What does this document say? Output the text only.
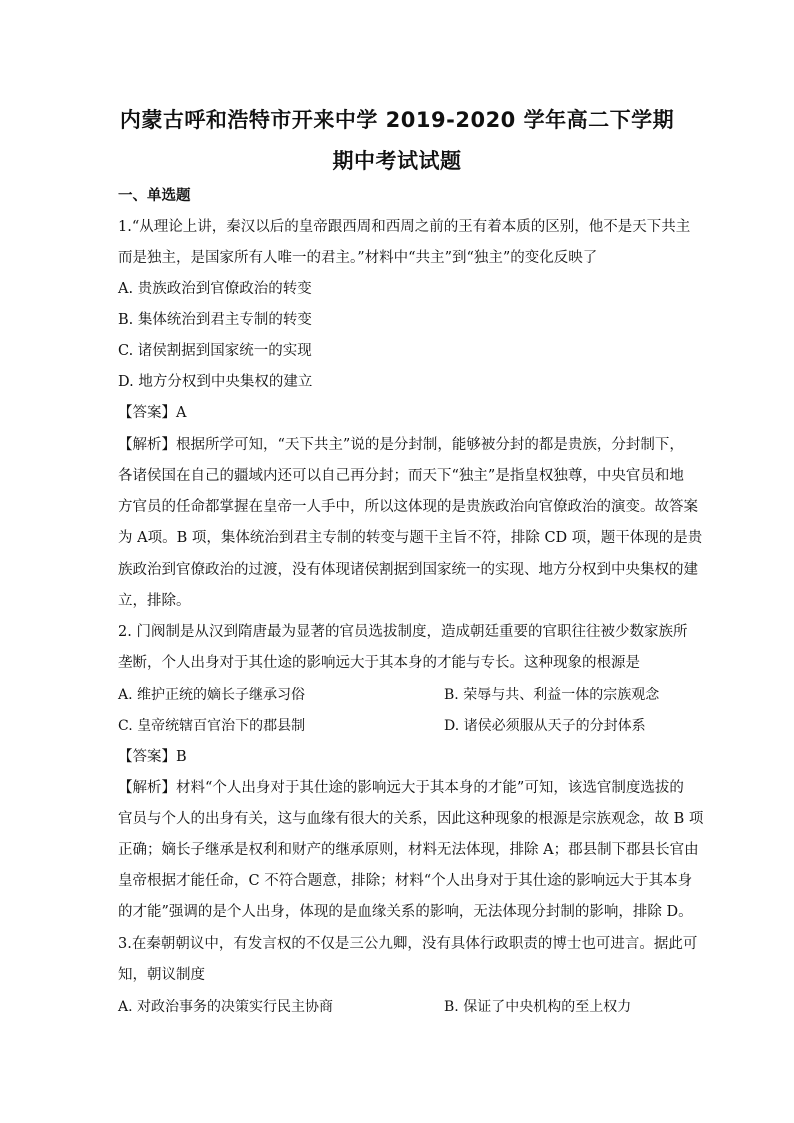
内蒙古呼和浩特市开来中学 2019-2020 学年高二下学期
期中考试试题
一、单选题
1.“从理论上讲，秦汉以后的皇帝跟西周和西周之前的王有着本质的区别，他不是天下共主
而是独主，是国家所有人唯一的君主。”材料中“共主”到“独主”的变化反映了
A. 贵族政治到官僚政治的转变
B. 集体统治到君主专制的转变
C. 诸侯割据到国家统一的实现
D. 地方分权到中央集权的建立
【答案】A
【解析】根据所学可知，“天下共主”说的是分封制，能够被分封的都是贵族，分封制下，
各诸侯国在自己的疆域内还可以自己再分封；而天下“独主”是指皇权独尊，中央官员和地
方官员的任命都掌握在皇帝一人手中，所以这体现的是贵族政治向官僚政治的演变。故答案
为 A项。B 项，集体统治到君主专制的转变与题干主旨不符，排除 CD 项，题干体现的是贵
族政治到官僚政治的过渡，没有体现诸侯割据到国家统一的实现、地方分权到中央集权的建
立，排除。
2. 门阀制是从汉到隋唐最为显著的官员选拔制度，造成朝廷重要的官职往往被少数家族所
垄断，个人出身对于其仕途的影响远大于其本身的才能与专长。这种现象的根源是
A. 维护正统的嫡长子继承习俗	B. 荣辱与共、利益一体的宗族观念
C. 皇帝统辖百官治下的郡县制	D. 诸侯必须服从天子的分封体系
【答案】B
【解析】材料“个人出身对于其仕途的影响远大于其本身的才能”可知，该选官制度选拔的
官员与个人的出身有关，这与血缘有很大的关系，因此这种现象的根源是宗族观念，故 B 项
正确；嫡长子继承是权利和财产的继承原则，材料无法体现，排除 A；郡县制下郡县长官由
皇帝根据才能任命，C 不符合题意，排除；材料“个人出身对于其仕途的影响远大于其本身
的才能”强调的是个人出身，体现的是血缘关系的影响，无法体现分封制的影响，排除 D。
3.在秦朝朝议中，有发言权的不仅是三公九卿，没有具体行政职责的博士也可进言。据此可
知，朝议制度
A. 对政治事务的决策实行民主协商	B. 保证了中央机构的至上权力
